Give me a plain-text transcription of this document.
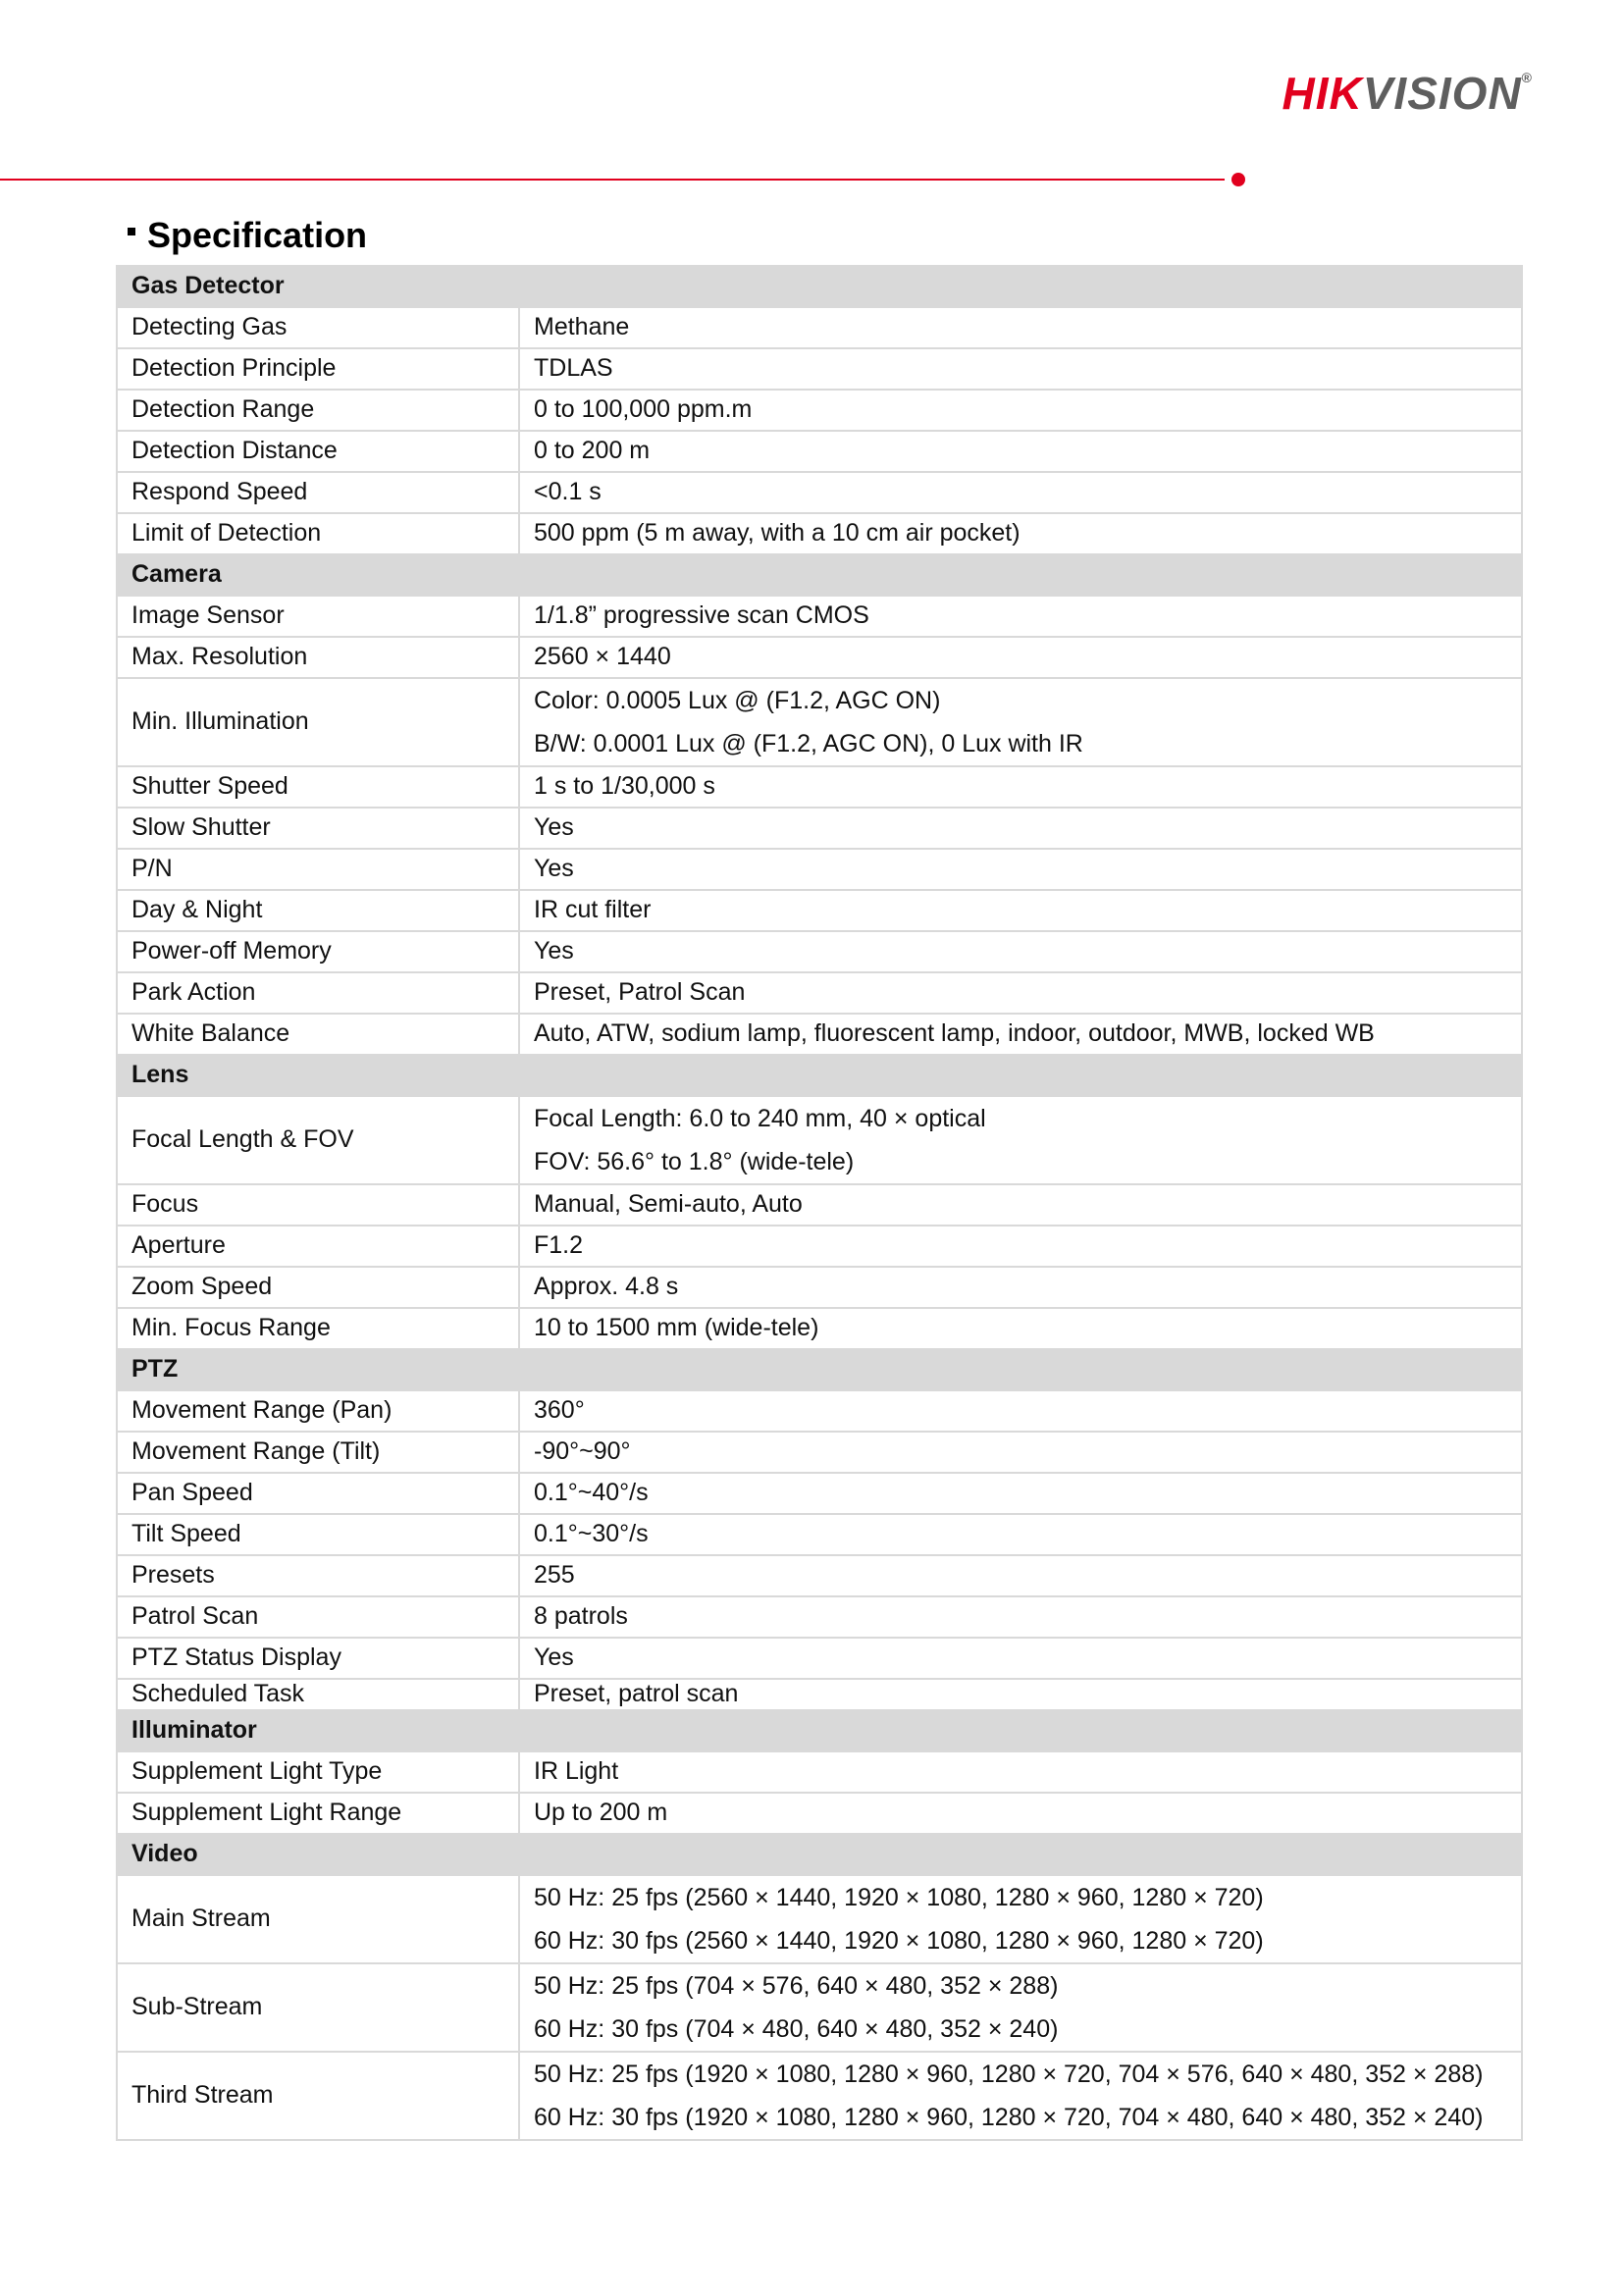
HIKVISION®
Specification
Gas Detector	
Detecting Gas	Methane
Detection Principle	TDLAS
Detection Range	0 to 100,000 ppm.m
Detection Distance	0 to 200 m
Respond Speed	<0.1 s
Limit of Detection	500 ppm (5 m away, with a 10 cm air pocket)
Camera	
Image Sensor	1/1.8” progressive scan CMOS
Max. Resolution	2560 × 1440
Min. Illumination	Color: 0.0005 Lux @ (F1.2, AGC ON)
B/W: 0.0001 Lux @ (F1.2, AGC ON), 0 Lux with IR

Shutter Speed	1 s to 1/30,000 s
Slow Shutter	Yes
P/N	Yes
Day & Night	IR cut filter
Power-off Memory	Yes
Park Action	Preset, Patrol Scan
White Balance	Auto, ATW, sodium lamp, fluorescent lamp, indoor, outdoor, MWB, locked WB
Lens	
Focal Length & FOV	Focal Length: 6.0 to 240 mm, 40 × optical
FOV: 56.6° to 1.8° (wide-tele)

Focus	Manual, Semi-auto, Auto
Aperture	F1.2
Zoom Speed	Approx. 4.8 s
Min. Focus Range	10 to 1500 mm (wide-tele)
PTZ	
Movement Range (Pan)	360°
Movement Range (Tilt)	-90°~90°
Pan Speed	0.1°~40°/s
Tilt Speed	0.1°~30°/s
Presets	255
Patrol Scan	8 patrols
PTZ Status Display	Yes
Scheduled Task	Preset, patrol scan
Illuminator	
Supplement Light Type	IR Light
Supplement Light Range	Up to 200 m
Video	
Main Stream	50 Hz: 25 fps (2560 × 1440, 1920 × 1080, 1280 × 960, 1280 × 720)
60 Hz: 30 fps (2560 × 1440, 1920 × 1080, 1280 × 960, 1280 × 720)

Sub-Stream	50 Hz: 25 fps (704 × 576, 640 × 480, 352 × 288)
60 Hz: 30 fps (704 × 480, 640 × 480, 352 × 240)

Third Stream	50 Hz: 25 fps (1920 × 1080, 1280 × 960, 1280 × 720, 704 × 576, 640 × 480, 352 × 288)
60 Hz: 30 fps (1920 × 1080, 1280 × 960, 1280 × 720, 704 × 480, 640 × 480, 352 × 240)
